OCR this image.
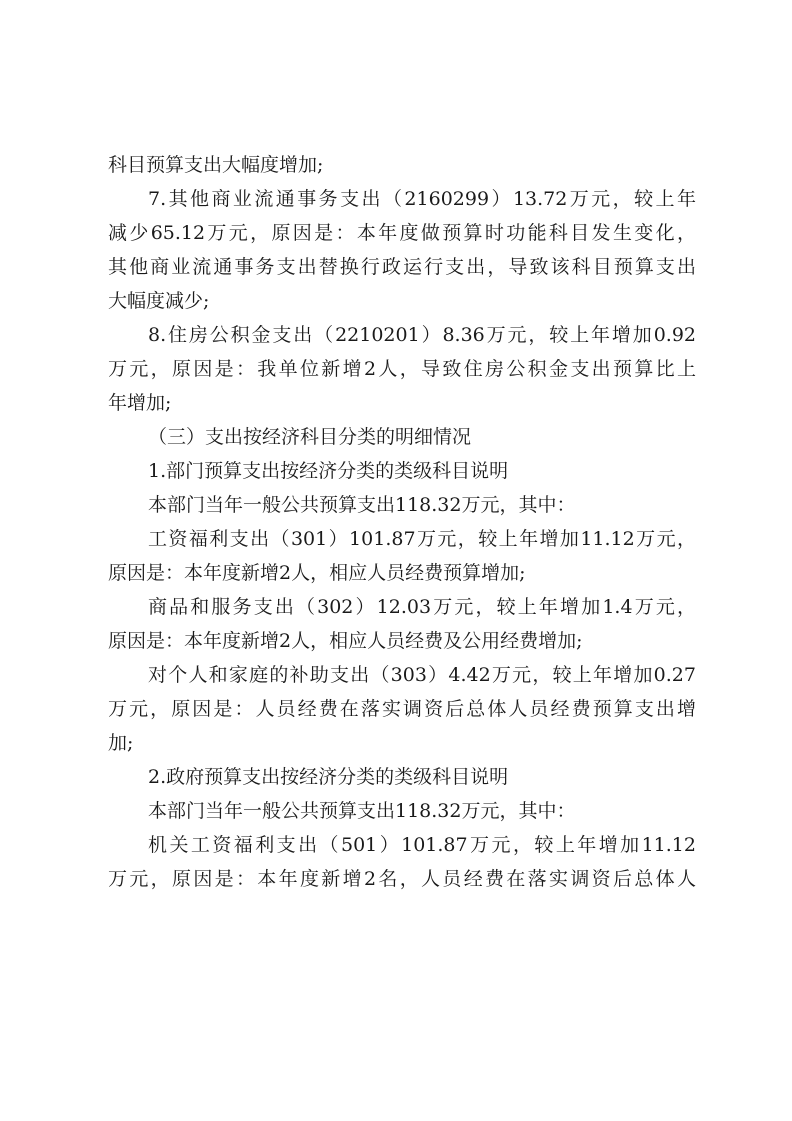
科目预算支出大幅度增加;
7.其他商业流通事务支出（2160299）13.72万元，较上年
减少65.12万元，原因是：本年度做预算时功能科目发生变化，
其他商业流通事务支出替换行政运行支出，导致该科目预算支出
大幅度减少;
8.住房公积金支出（2210201）8.36万元，较上年增加0.92
万元，原因是：我单位新增2人，导致住房公积金支出预算比上
年增加;
（三）支出按经济科目分类的明细情况
1.部门预算支出按经济分类的类级科目说明
本部门当年一般公共预算支出118.32万元，其中：
工资福利支出（301）101.87万元，较上年增加11.12万元，
原因是：本年度新增2人，相应人员经费预算增加;
商品和服务支出（302）12.03万元，较上年增加1.4万元，
原因是：本年度新增2人，相应人员经费及公用经费增加;
对个人和家庭的补助支出（303）4.42万元，较上年增加0.27
万元，原因是：人员经费在落实调资后总体人员经费预算支出增
加;
2.政府预算支出按经济分类的类级科目说明
本部门当年一般公共预算支出118.32万元，其中：
机关工资福利支出（501）101.87万元，较上年增加11.12
万元，原因是：本年度新增2名，人员经费在落实调资后总体人
